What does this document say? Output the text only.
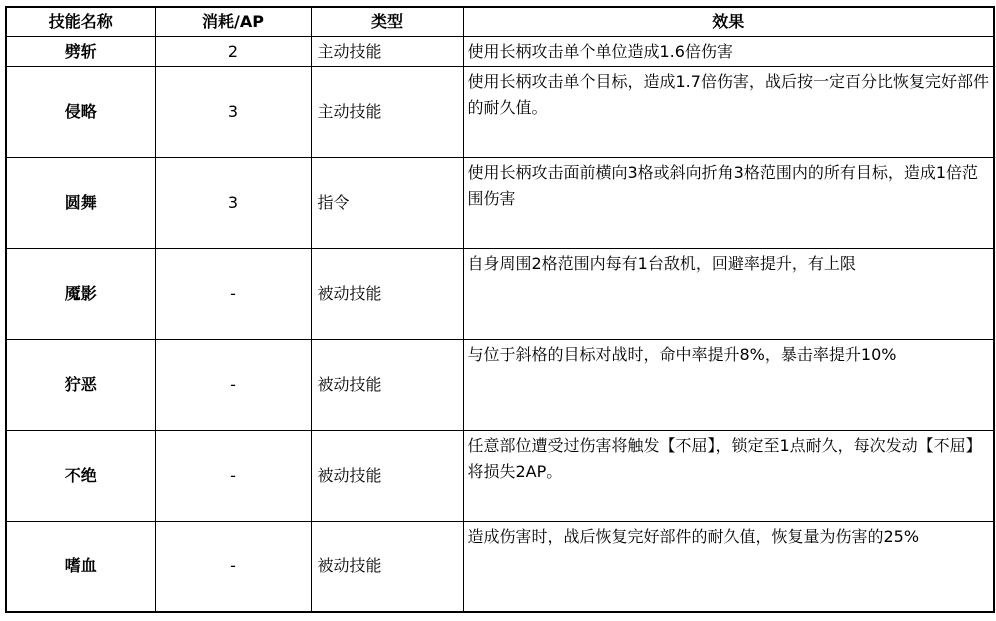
技能名称	消耗/AP	类型	效果
劈斩	2	主动技能	使用长柄攻击单个单位造成1.6倍伤害
侵略	3	主动技能	使用长柄攻击单个目标，造成1.7倍伤害，战后按一定百分比恢复完好部件的耐久值。
圆舞	3	指令	使用长柄攻击面前横向3格或斜向折角3格范围内的所有目标，造成1倍范围伤害
魇影	-	被动技能	自身周围2格范围内每有1台敌机，回避率提升，有上限
狞恶	-	被动技能	与位于斜格的目标对战时，命中率提升8%，暴击率提升10%
不绝	-	被动技能	任意部位遭受过伤害将触发【不屈】，锁定至1点耐久，每次发动【不屈】将损失2AP。
嗜血	-	被动技能	造成伤害时，战后恢复完好部件的耐久值，恢复量为伤害的25%
